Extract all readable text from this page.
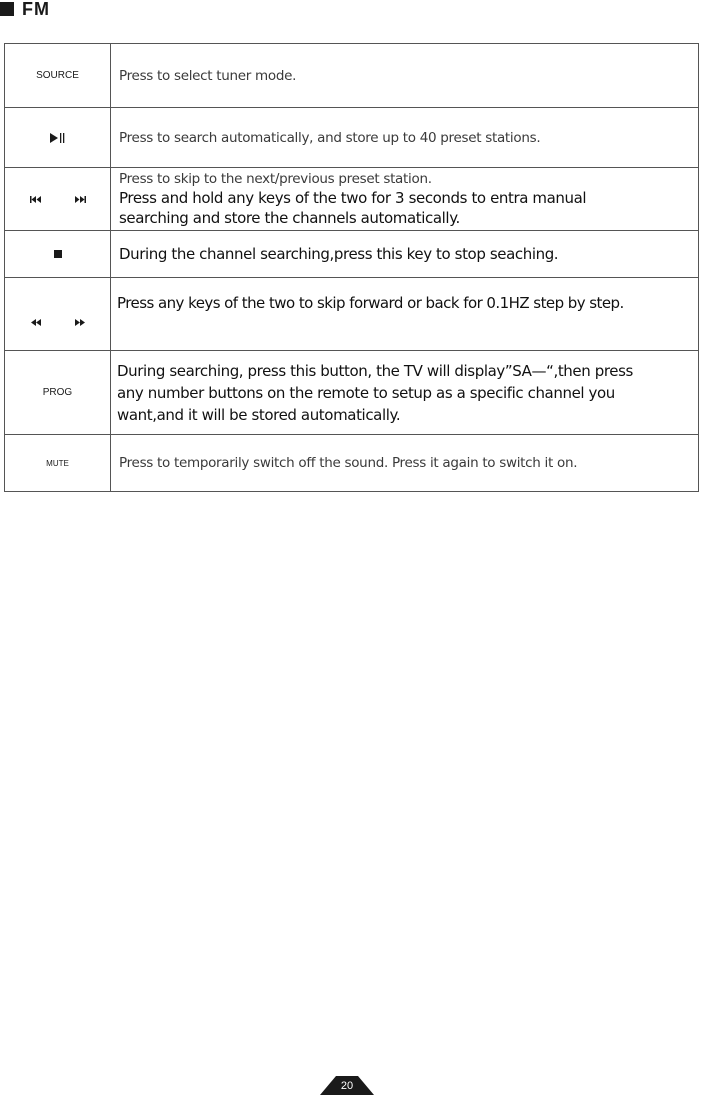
FM
SOURCE	Press to select tuner mode.
Press to search automatically, and store up to 40 preset stations.
Press to skip to the next/previous preset station.
Press and hold any keys of the two for 3 seconds to entra manual
searching and store the channels automatically.
During the channel searching,press this key to stop seaching.
Press any keys of the two to skip forward or back for 0.1HZ step by step.
PROG
During searching, press this button, the TV will display”SA—“,then press
any number buttons on the remote to setup as a specific channel you
want,and it will be stored automatically.
MUTE	Press to temporarily switch off the sound. Press it again to switch it on.
20
